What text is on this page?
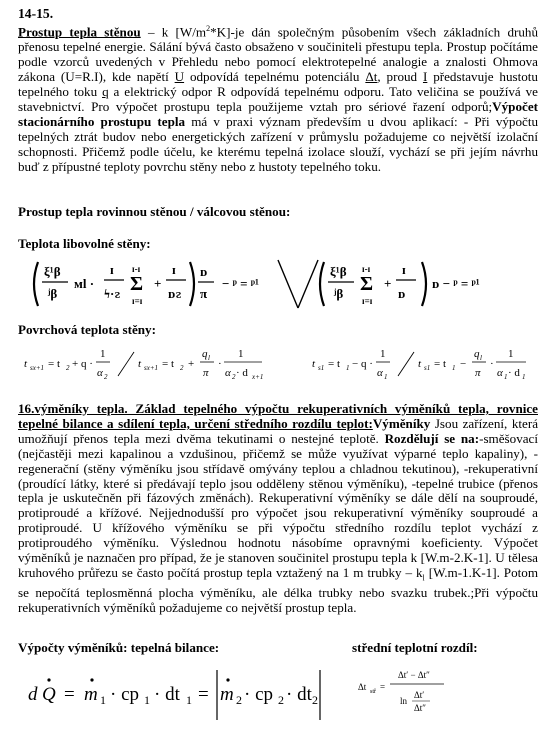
14-15.
Prostup tepla stěnou – k $[W/m^2*K]-je$ dán společným působením všech základních druhů přenosu tepelné energie. Sálání bývá často obsaženo v součiniteli přestupu tepla. Prostup počítáme podle vzorců uvedených v Přehledu nebo pomocí elektrotepelné analogie a znalosti Ohmova zákona (U=R.I), kde napětí U odpovídá tepelnému potenciálu Δt, proud I představuje hustotu tepelného toku q a elektrický odpor R odpovídá tepelnému odporu. Tato veličina se používá ve stavebnictví. Pro výpočet prostupu tepla použijeme vztah pro sériové řazení odporů;Výpočet stacionárního prostupu tepla má v praxi význam především u dvou aplikací: - Při výpočtu tepelných ztrát budov nebo energetických zařízení v průmyslu požadujeme co největší izolační schopnosti. Přičemž podle účelu, ke kterému tepelná izolace slouží, vychází se při jejím návrhu buď z přípustné teploty povrchu stěny nebo z hustoty tepelného toku.
Prostup tepla rovinnou stěnou / válcovou stěnou:
Teplota libovolné stěny:
ξ¹β
ʲβ
ᴍl ·
ɪ
ϟ·ᴤ
ɪ-ɪ
Σ
ɪ=ɪ
+
ɪ
ᴅᴤ
ᴅ
π
− ᵖ = ᵖ¹
ξ¹β
ʲβ
ɪ-ɪ
Σ
ɪ=ɪ
+
ɪ
ᴅ
ᴅ − ᵖ = ᵖ¹
Povrchová teplota stěny:
t sx+1 = t 2 + q ·
1
α 2
t sx+1 = t 2 +
q l
π
·
1
α 2 · d x+1
t s1 = t 1 − q ·
1
α 1
t s1 = t 1 −
q l
π
·
1
α 1 · d 1
16.výměníky tepla. Základ tepelného výpočtu rekuperativních výměníků tepla, rovnice tepelné bilance a sdílení tepla, určení středního rozdílu teplot:Výměníky Jsou zařízení, která umožňují přenos tepla mezi dvěma tekutinami o nestejné teplotě. Rozdělují se na:-směšovací (nejčastěji mezi kapalinou a vzdušinou, přičemž se může využívat výparné teplo kapaliny), -regenerační (stěny výměníku jsou střídavě omývány teplou a chladnou tekutinou), -rekuperativní (proudící látky, které si předávají teplo jsou odděleny stěnou výměníku), -tepelné trubice (přenos tepla je uskutečněn při fázových změnách). Rekuperativní výměníky se dále dělí na souproudé, protiproudé a křížové. Nejjednodušší pro výpočet jsou rekuperativní výměníky souproudé a protiproudé. U křížového výměníku se při výpočtu středního rozdílu teplot vychází z protiproudého výměníku. Výslednou hodnotu násobíme opravnými koeficienty. Výpočet výměníků je naznačen pro případ, že je stanoven součinitel prostupu tepla k [W.m-2.K-1]. U tělesa kruhového průřezu se často počítá prostup tepla vztažený na 1 m trubky – $k_l$ [W.m-1.K-1]. Potom se nepočítá teplosměnná plocha výměníku, ale délka trubky nebo svazku trubek.;Při výpočtu rekuperativních výměníků požadujeme co největší prostup tepla.
Výpočty výměníků: tepelná bilance:	střední teplotní rozdíl:
d Q = m 1 · cp 1 · dt 1 = m 2 · cp 2 · dt 2
Δt stř =
Δt′ − Δt″
ln
Δt′
Δt″
